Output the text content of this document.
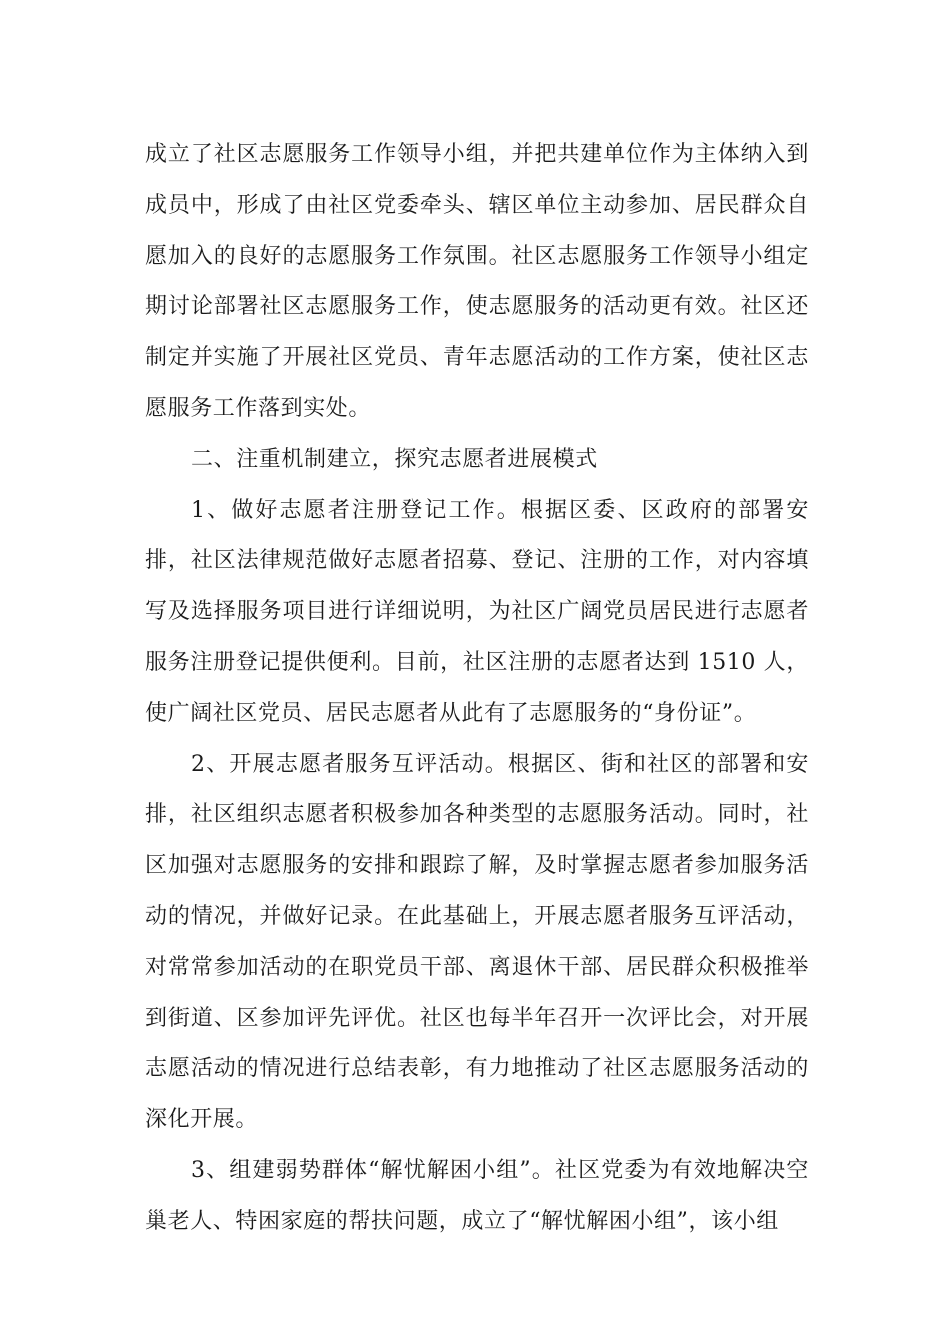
成立了社区志愿服务工作领导小组，并把共建单位作为主体纳入到成员中，形成了由社区党委牵头、辖区单位主动参加、居民群众自愿加入的良好的志愿服务工作氛围。社区志愿服务工作领导小组定期讨论部署社区志愿服务工作，使志愿服务的活动更有效。社区还制定并实施了开展社区党员、青年志愿活动的工作方案，使社区志愿服务工作落到实处。

二、注重机制建立，探究志愿者进展模式

1、做好志愿者注册登记工作。根据区委、区政府的部署安排，社区法律规范做好志愿者招募、登记、注册的工作，对内容填写及选择服务项目进行详细说明，为社区广阔党员居民进行志愿者服务注册登记提供便利。目前，社区注册的志愿者达到 1510 人，使广阔社区党员、居民志愿者从此有了志愿服务的“身份证”。

2、开展志愿者服务互评活动。根据区、街和社区的部署和安排，社区组织志愿者积极参加各种类型的志愿服务活动。同时，社区加强对志愿服务的安排和跟踪了解，及时掌握志愿者参加服务活动的情况，并做好记录。在此基础上，开展志愿者服务互评活动，对常常参加活动的在职党员干部、离退休干部、居民群众积极推举到街道、区参加评先评优。社区也每半年召开一次评比会，对开展志愿活动的情况进行总结表彰，有力地推动了社区志愿服务活动的深化开展。

3、组建弱势群体“解忧解困小组”。社区党委为有效地解决空巢老人、特困家庭的帮扶问题，成立了“解忧解困小组”，该小组
